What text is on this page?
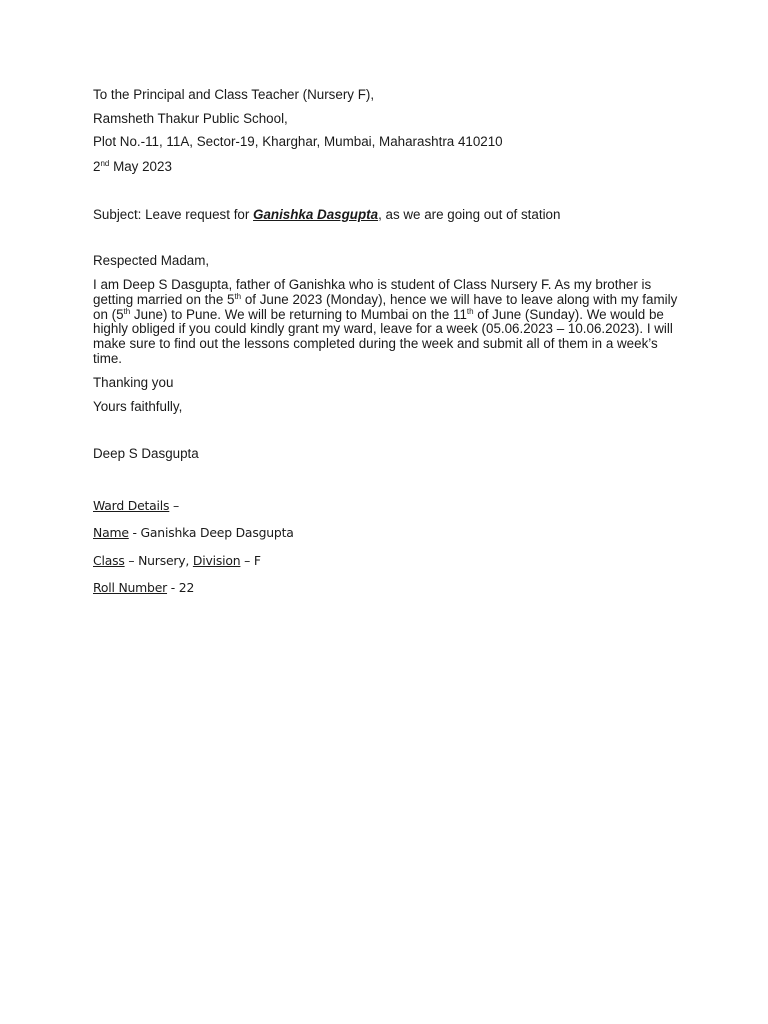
To the Principal and Class Teacher (Nursery F),
Ramsheth Thakur Public School,
Plot No.-11, 11A, Sector-19, Kharghar, Mumbai, Maharashtra 410210
2nd May 2023
Subject: Leave request for Ganishka Dasgupta, as we are going out of station
Respected Madam,
I am Deep S Dasgupta, father of Ganishka who is student of Class Nursery F. As my brother is getting married on the 5th of June 2023 (Monday), hence we will have to leave along with my family on (5th June) to Pune. We will be returning to Mumbai on the 11th of June (Sunday). We would be highly obliged if you could kindly grant my ward, leave for a week (05.06.2023 – 10.06.2023). I will make sure to find out the lessons completed during the week and submit all of them in a week’s time.
Thanking you
Yours faithfully,
Deep S Dasgupta
Ward Details –
Name - Ganishka Deep Dasgupta
Class – Nursery, Division – F
Roll Number - 22
